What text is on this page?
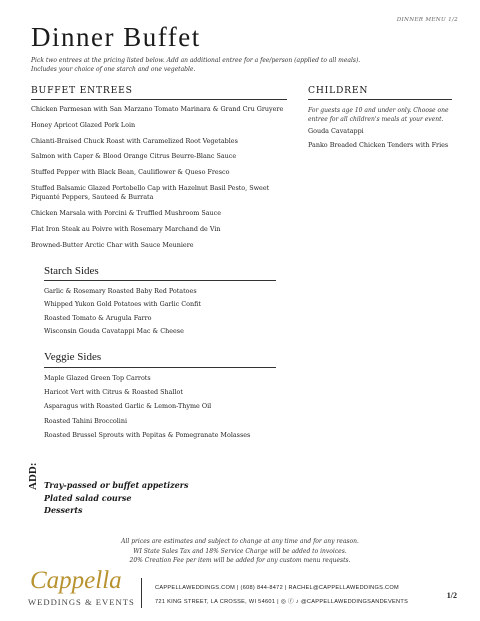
DINNER MENU 1/2
Dinner Buffet
Pick two entrees at the pricing listed below. Add an additional entree for a fee/person (applied to all meals).
Includes your choice of one starch and one vegetable.
BUFFET ENTREES
Chicken Parmesan with San Marzano Tomato Marinara & Grand Cru Gruyere
Honey Apricot Glazed Pork Loin
Chianti-Braised Chuck Roast with Caramelized Root Vegetables
Salmon with Caper & Blood Orange Citrus Beurre-Blanc Sauce
Stuffed Pepper with Black Bean, Cauliflower & Queso Fresco
Stuffed Balsamic Glazed Portobello Cap with Hazelnut Basil Pesto, Sweet
Piquanté Peppers, Sauteed & Burrata
Chicken Marsala with Porcini & Truffled Mushroom Sauce
Flat Iron Steak au Poivre with Rosemary Marchand de Vin
Browned-Butter Arctic Char with Sauce Meuniere
CHILDREN
For guests age 10 and under only. Choose one
entree for all children's meals at your event.
Gouda Cavatappi
Panko Breaded Chicken Tenders with Fries
Starch Sides
Garlic & Rosemary Roasted Baby Red Potatoes
Whipped Yukon Gold Potatoes with Garlic Confit
Roasted Tomato & Arugula Farro
Wisconsin Gouda Cavatappi Mac & Cheese
Veggie Sides
Maple Glazed Green Top Carrots
Haricot Vert with Citrus & Roasted Shallot
Asparagus with Roasted Garlic & Lemon-Thyme Oil
Roasted Tahini Broccolini
Roasted Brussel Sprouts with Pepitas & Pomegranate Molasses
ADD: Tray-passed or buffet appetizers
Plated salad course
Desserts
All prices are estimates and subject to change at any time and for any reason.
WI State Sales Tax and 18% Service Charge will be added to invoices.
20% Creation Fee per item will be added for any custom menu requests.
Cappella
WEDDINGS & EVENTS
CAPPELLAWEDDINGS.COM | (608) 844-8472 | RACHEL@CAPPELLAWEDDINGS.COM
721 KING STREET, LA CROSSE, WI 54601 | ◎ ⓕ ♪ @CAPPELLAWEDDINGSANDEVENTS
1/2
